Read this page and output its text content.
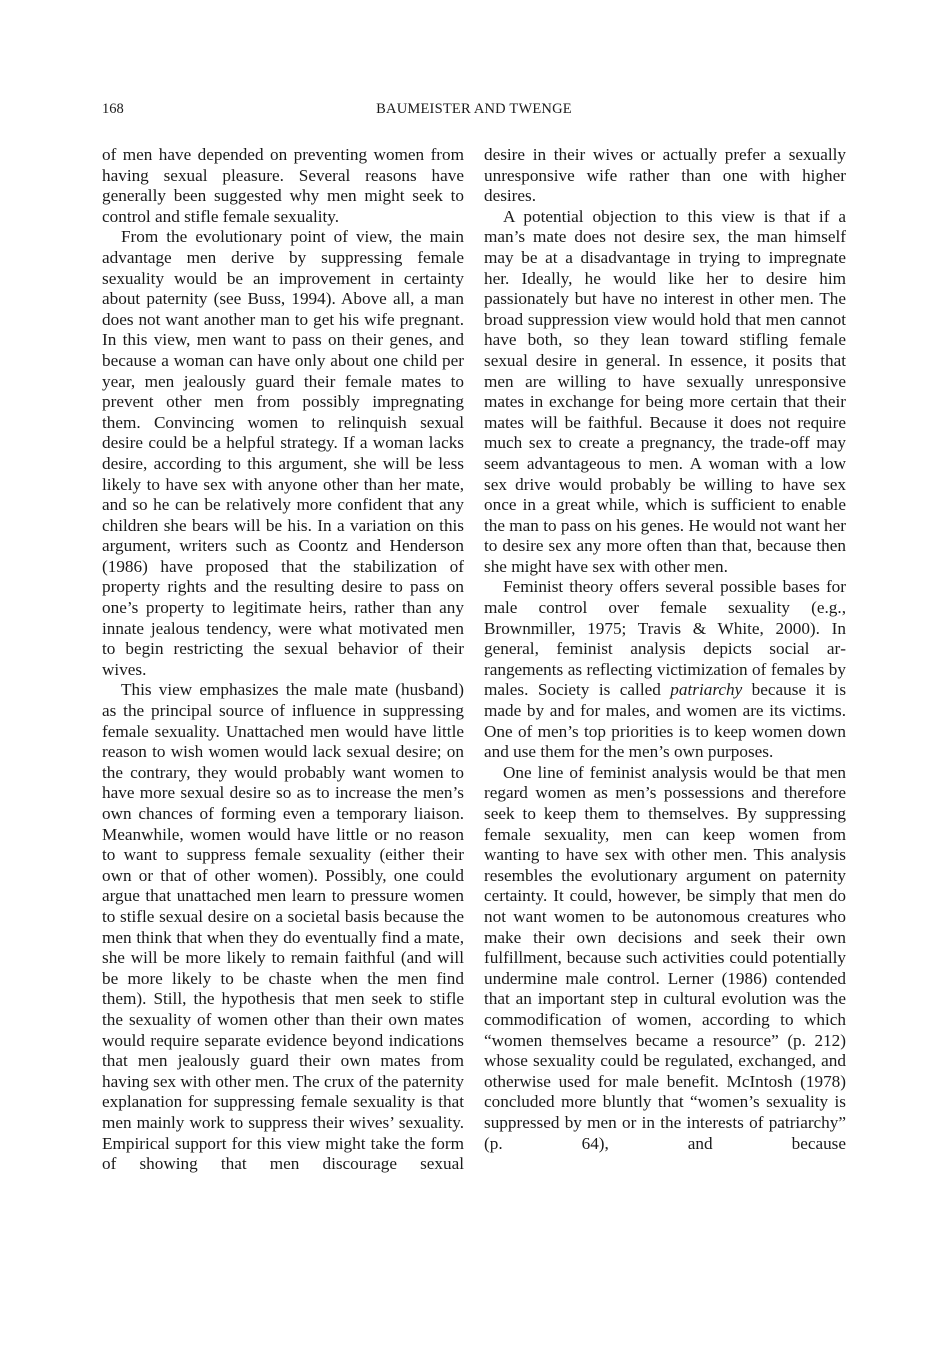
168	BAUMEISTER AND TWENGE

of men have depended on preventing women from having sexual pleasure. Several reasons have generally been suggested why men might seek to control and stifle female sexuality.

From the evolutionary point of view, the main advantage men derive by suppressing female sexuality would be an improvement in certainty about paternity (see Buss, 1994). Above all, a man does not want another man to get his wife pregnant. In this view, men want to pass on their genes, and because a woman can have only about one child per year, men jealously guard their female mates to prevent other men from possibly impregnating them. Convincing women to relinquish sexual desire could be a helpful strategy. If a woman lacks desire, according to this argument, she will be less likely to have sex with anyone other than her mate, and so he can be relatively more confident that any children she bears will be his. In a variation on this argument, writers such as Coontz and Henderson (1986) have proposed that the stabilization of property rights and the resulting desire to pass on one’s property to legitimate heirs, rather than any innate jealous tendency, were what motivated men to begin restricting the sexual behavior of their wives.

This view emphasizes the male mate (husband) as the principal source of influence in suppressing female sexuality. Unattached men would have little reason to wish women would lack sexual desire; on the contrary, they would probably want women to have more sexual desire so as to increase the men’s own chances of forming even a temporary liaison. Meanwhile, women would have little or no reason to want to suppress female sexuality (either their own or that of other women). Possibly, one could argue that unattached men learn to pressure women to stifle sexual desire on a societal basis because the men think that when they do eventually find a mate, she will be more likely to remain faithful (and will be more likely to be chaste when the men find them). Still, the hypothesis that men seek to stifle the sexuality of women other than their own mates would require separate evidence beyond indications that men jealously guard their own mates from having sex with other men. The crux of the paternity explanation for suppressing female sexuality is that men mainly work to suppress their wives’ sexuality. Empirical support for this view might take the form of showing that men discourage sexual

desire in their wives or actually prefer a sexually unresponsive wife rather than one with higher desires.

A potential objection to this view is that if a man’s mate does not desire sex, the man himself may be at a disadvantage in trying to impregnate her. Ideally, he would like her to desire him passionately but have no interest in other men. The broad suppression view would hold that men cannot have both, so they lean toward stifling female sexual desire in general. In essence, it posits that men are willing to have sexually unresponsive mates in exchange for being more certain that their mates will be faithful. Because it does not require much sex to create a pregnancy, the trade-off may seem advantageous to men. A woman with a low sex drive would probably be willing to have sex once in a great while, which is sufficient to enable the man to pass on his genes. He would not want her to desire sex any more often than that, because then she might have sex with other men.

Feminist theory offers several possible bases for male control over female sexuality (e.g., Brownmiller, 1975; Travis & White, 2000). In general, feminist analysis depicts social arrangements as reflecting victimization of females by males. Society is called patriarchy because it is made by and for males, and women are its victims. One of men’s top priorities is to keep women down and use them for the men’s own purposes.

One line of feminist analysis would be that men regard women as men’s possessions and therefore seek to keep them to themselves. By suppressing female sexuality, men can keep women from wanting to have sex with other men. This analysis resembles the evolutionary argument on paternity certainty. It could, however, be simply that men do not want women to be autonomous creatures who make their own decisions and seek their own fulfillment, because such activities could potentially undermine male control. Lerner (1986) contended that an important step in cultural evolution was the commodification of women, according to which “women themselves became a resource” (p. 212) whose sexuality could be regulated, exchanged, and otherwise used for male benefit. McIntosh (1978) concluded more bluntly that “women’s sexuality is suppressed by men or in the interests of patriarchy” (p. 64), and because
